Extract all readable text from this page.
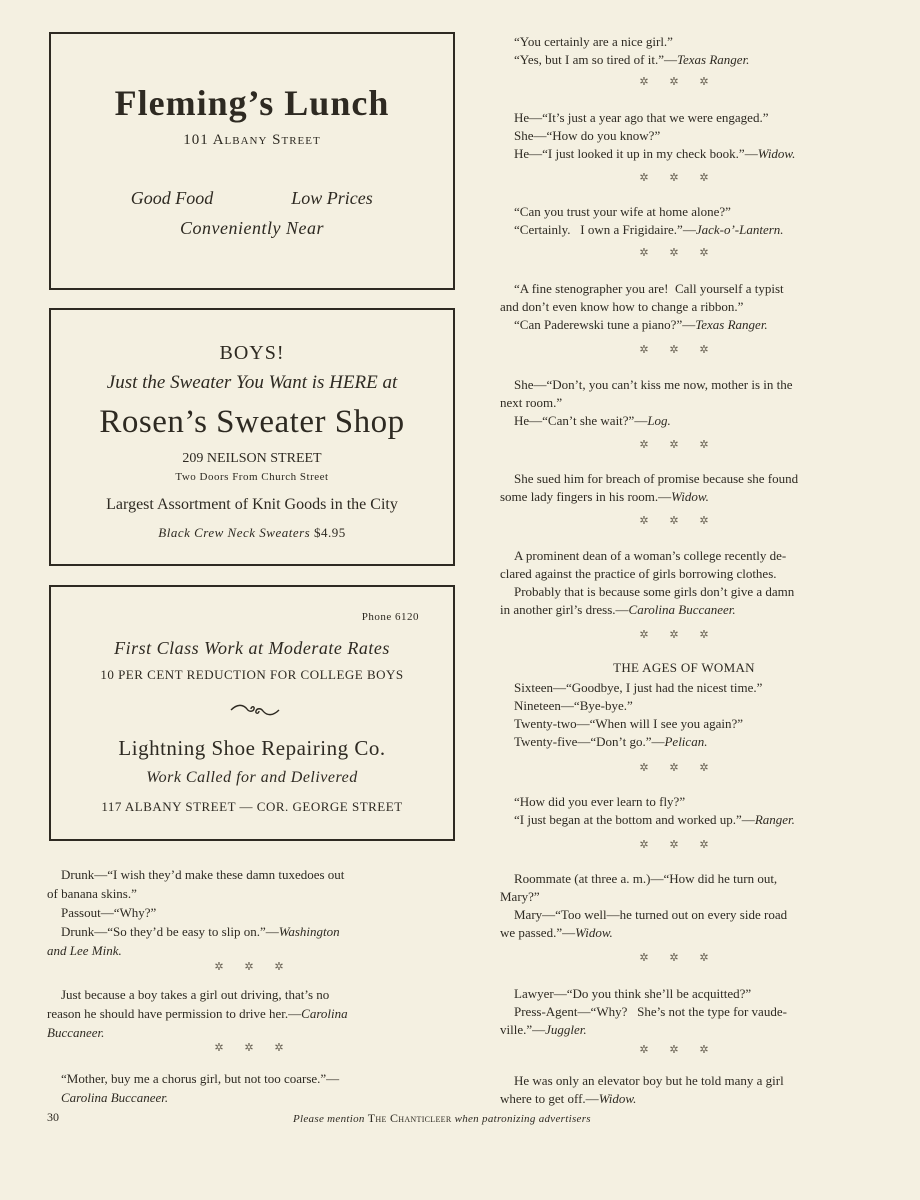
Fleming’s Lunch
101 Albany Street
Good Food	Low Prices
Conveniently Near
BOYS!
Just the Sweater You Want is HERE at
Rosen’s Sweater Shop
209 NEILSON STREET
Two Doors From Church Street
Largest Assortment of Knit Goods in the City
Black Crew Neck Sweaters $4.95
Phone 6120
First Class Work at Moderate Rates
10 PER CENT REDUCTION FOR COLLEGE BOYS
Lightning Shoe Repairing Co.
Work Called for and Delivered
117 ALBANY STREET — COR. GEORGE STREET
Drunk—“I wish they’d make these damn tuxedoes out
of banana skins.”
Passout—“Why?”
Drunk—“So they’d be easy to slip on.”—Washington
and Lee Mink.
✲ ✲ ✲
Just because a boy takes a girl out driving, that’s no
reason he should have permission to drive her.—Carolina
Buccaneer.
✲ ✲ ✲
“Mother, buy me a chorus girl, but not too coarse.”—
Carolina Buccaneer.
“You certainly are a nice girl.”
“Yes, but I am so tired of it.”—Texas Ranger.
✲ ✲ ✲
He—“It’s just a year ago that we were engaged.”
She—“How do you know?”
He—“I just looked it up in my check book.”—Widow.
✲ ✲ ✲
“Can you trust your wife at home alone?”
“Certainly.   I own a Frigidaire.”—Jack-o’-Lantern.
✲ ✲ ✲
“A fine stenographer you are!  Call yourself a typist
and don’t even know how to change a ribbon.”
“Can Paderewski tune a piano?”—Texas Ranger.
✲ ✲ ✲
She—“Don’t, you can’t kiss me now, mother is in the
next room.”
He—“Can’t she wait?”—Log.
✲ ✲ ✲
She sued him for breach of promise because she found
some lady fingers in his room.—Widow.
✲ ✲ ✲
A prominent dean of a woman’s college recently de-
clared against the practice of girls borrowing clothes.
Probably that is because some girls don’t give a damn
in another girl’s dress.—Carolina Buccaneer.
✲ ✲ ✲
THE AGES OF WOMAN
Sixteen—“Goodbye, I just had the nicest time.”
Nineteen—“Bye-bye.”
Twenty-two—“When will I see you again?”
Twenty-five—“Don’t go.”—Pelican.
✲ ✲ ✲
“How did you ever learn to fly?”
“I just began at the bottom and worked up.”—Ranger.
✲ ✲ ✲
Roommate (at three a. m.)—“How did he turn out,
Mary?”
Mary—“Too well—he turned out on every side road
we passed.”—Widow.
✲ ✲ ✲
Lawyer—“Do you think she’ll be acquitted?”
Press-Agent—“Why?   She’s not the type for vaude-
ville.”—Juggler.
✲ ✲ ✲
He was only an elevator boy but he told many a girl
where to get off.—Widow.
30	Please mention The Chanticleer when patronizing advertisers
